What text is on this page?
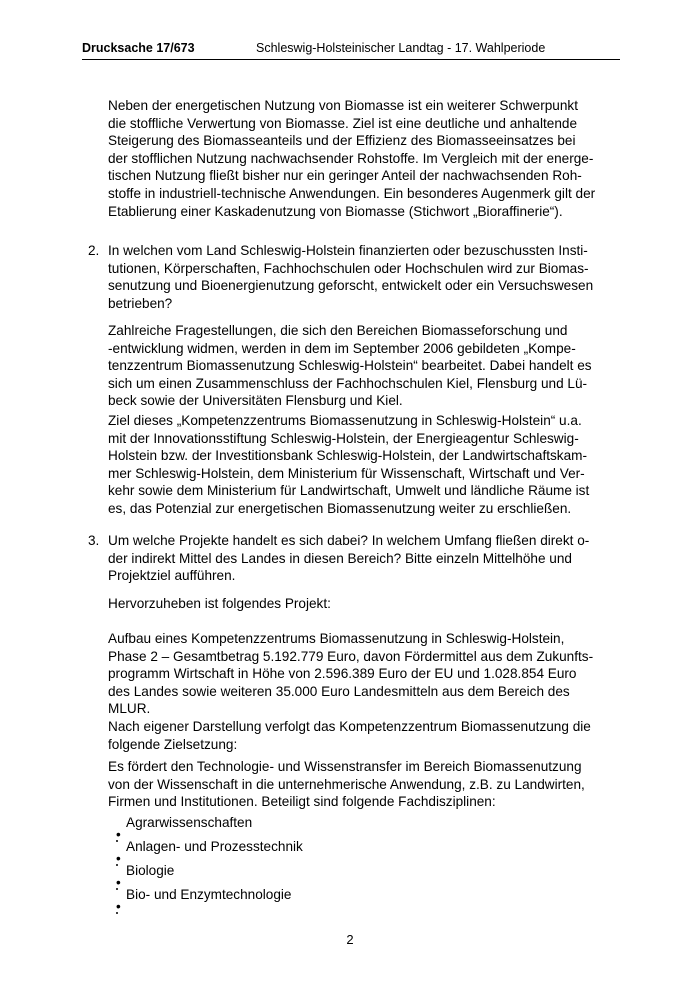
Drucksache 17/673	Schleswig-Holsteinischer Landtag - 17. Wahlperiode
Neben der energetischen Nutzung von Biomasse ist ein weiterer Schwerpunkt
die stoffliche Verwertung von Biomasse. Ziel ist eine deutliche und anhaltende
Steigerung des Biomasseanteils und der Effizienz des Biomasseeinsatzes bei
der stofflichen Nutzung nachwachsender Rohstoffe. Im Vergleich mit der energe-
tischen Nutzung fließt bisher nur ein geringer Anteil der nachwachsenden Roh-
stoffe in industriell-technische Anwendungen. Ein besonderes Augenmerk gilt der
Etablierung einer Kaskadenutzung von Biomasse (Stichwort „Bioraffinerie“).
2. In welchen vom Land Schleswig-Holstein finanzierten oder bezuschussten Insti-
tutionen, Körperschaften, Fachhochschulen oder Hochschulen wird zur Biomas-
senutzung und Bioenergienutzung geforscht, entwickelt oder ein Versuchswesen
betrieben?
Zahlreiche Fragestellungen, die sich den Bereichen Biomasseforschung und
-entwicklung widmen, werden in dem im September 2006 gebildeten „Kompe-
tenzzentrum Biomassenutzung Schleswig-Holstein“ bearbeitet. Dabei handelt es
sich um einen Zusammenschluss der Fachhochschulen Kiel, Flensburg und Lü-
beck sowie der Universitäten Flensburg und Kiel.
Ziel dieses „Kompetenzzentrums Biomassenutzung in Schleswig-Holstein“ u.a.
mit der Innovationsstiftung Schleswig-Holstein, der Energieagentur Schleswig-
Holstein bzw. der Investitionsbank Schleswig-Holstein, der Landwirtschaftskam-
mer Schleswig-Holstein, dem Ministerium für Wissenschaft, Wirtschaft und Ver-
kehr sowie dem Ministerium für Landwirtschaft, Umwelt und ländliche Räume ist
es, das Potenzial zur energetischen Biomassenutzung weiter zu erschließen.
3. Um welche Projekte handelt es sich dabei? In welchem Umfang fließen direkt o-
der indirekt Mittel des Landes in diesen Bereich? Bitte einzeln Mittelhöhe und
Projektziel aufführen.
Hervorzuheben ist folgendes Projekt:
Aufbau eines Kompetenzzentrums Biomassenutzung in Schleswig-Holstein,
Phase 2 – Gesamtbetrag 5.192.779 Euro, davon Fördermittel aus dem Zukunfts-
programm Wirtschaft in Höhe von 2.596.389 Euro der EU und 1.028.854 Euro
des Landes sowie weiteren 35.000 Euro Landesmitteln aus dem Bereich des
MLUR.
Nach eigener Darstellung verfolgt das Kompetenzzentrum Biomassenutzung die
folgende Zielsetzung:
Es fördert den Technologie- und Wissenstransfer im Bereich Biomassenutzung
von der Wissenschaft in die unternehmerische Anwendung, z.B. zu Landwirten,
Firmen und Institutionen. Beteiligt sind folgende Fachdisziplinen:
Agrarwissenschaften
Anlagen- und Prozesstechnik
Biologie
Bio- und Enzymtechnologie
2
